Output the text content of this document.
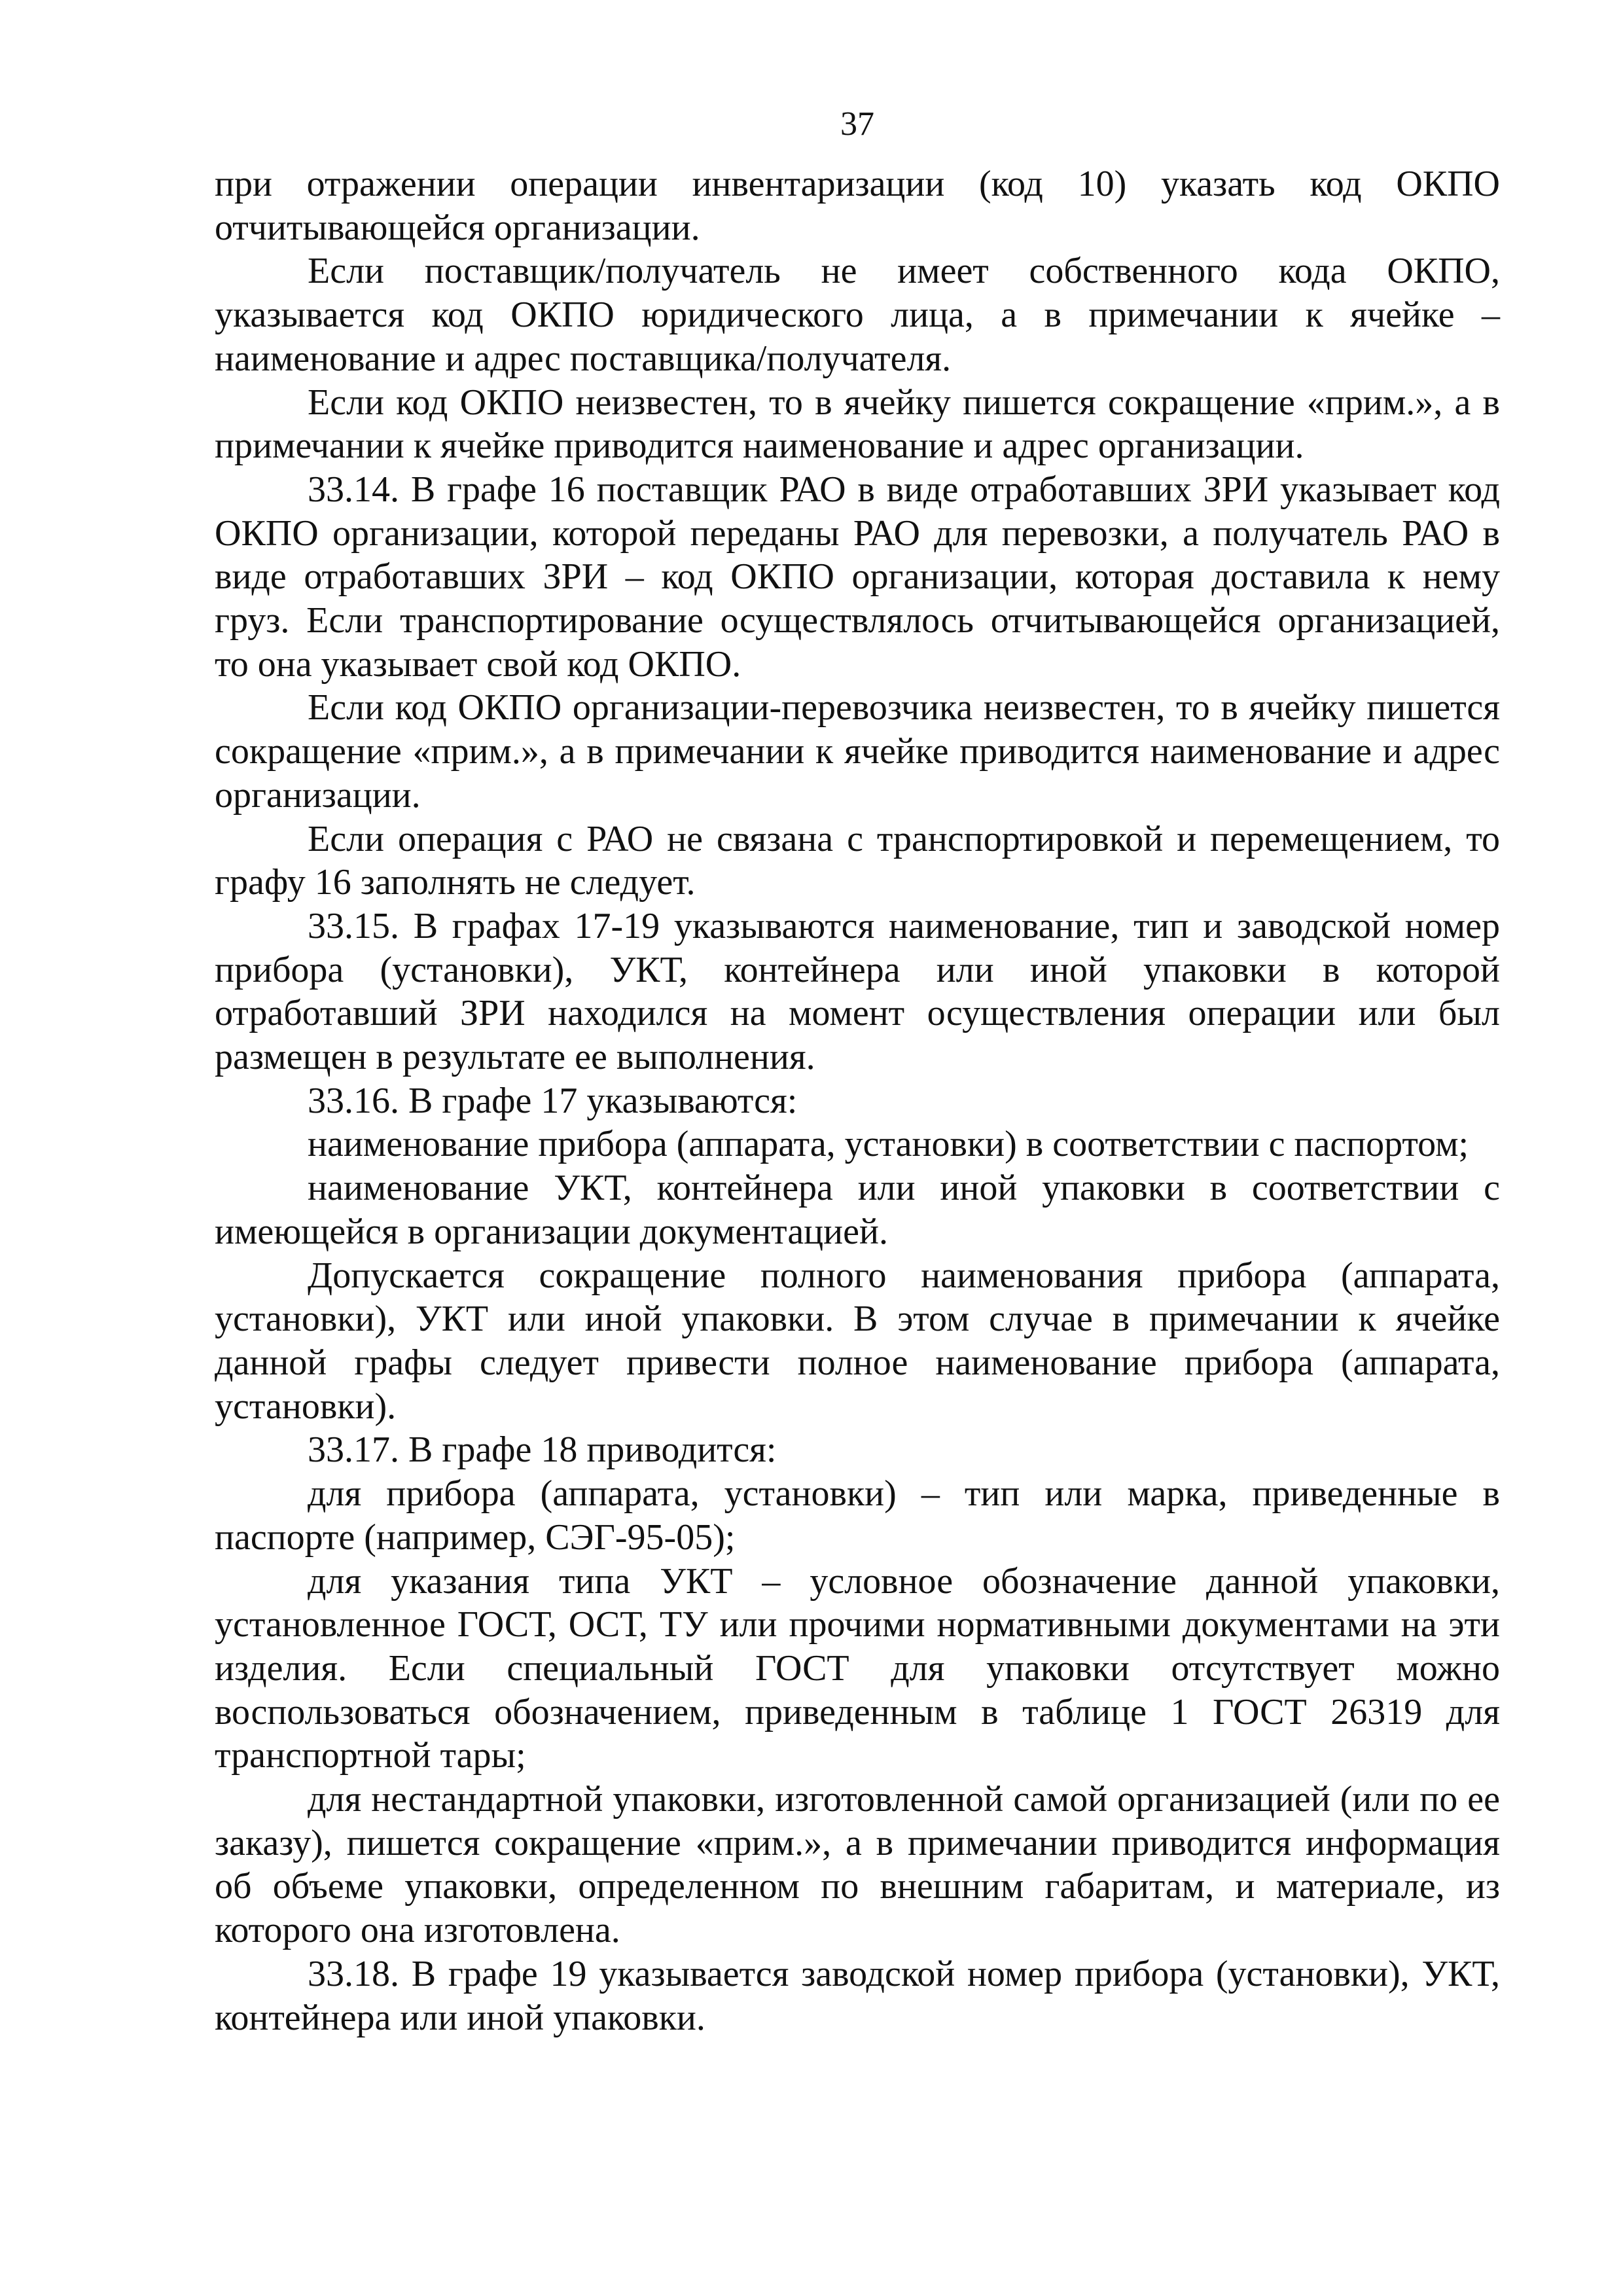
37

при отражении операции инвентаризации (код 10) указать код ОКПО отчитывающейся организации.

Если поставщик/получатель не имеет собственного кода ОКПО, указывается код ОКПО юридического лица, а в примечании к ячейке – наименование и адрес поставщика/получателя.

Если код ОКПО неизвестен, то в ячейку пишется сокращение «прим.», а в примечании к ячейке приводится наименование и адрес организации.

33.14. В графе 16 поставщик РАО в виде отработавших ЗРИ указывает код ОКПО организации, которой переданы РАО для перевозки, а получатель РАО в виде отработавших ЗРИ – код ОКПО организации, которая доставила к нему груз. Если транспортирование осуществлялось отчитывающейся организацией, то она указывает свой код ОКПО.

Если код ОКПО организации-перевозчика неизвестен, то в ячейку пишется сокращение «прим.», а в примечании к ячейке приводится наименование и адрес организации.

Если операция с РАО не связана с транспортировкой и перемещением, то графу 16 заполнять не следует.

33.15. В графах 17-19 указываются наименование, тип и заводской номер прибора (установки), УКТ, контейнера или иной упаковки в которой отработавший ЗРИ находился на момент осуществления операции или был размещен в результате ее выполнения.

33.16. В графе 17 указываются:

наименование прибора (аппарата, установки) в соответствии с паспортом;

наименование УКТ, контейнера или иной упаковки в соответствии с имеющейся в организации документацией.

Допускается сокращение полного наименования прибора (аппарата, установки), УКТ или иной упаковки. В этом случае в примечании к ячейке данной графы следует привести полное наименование прибора (аппарата, установки).

33.17. В графе 18 приводится:

для прибора (аппарата, установки) – тип или марка, приведенные в паспорте (например, СЭГ-95-05);

для указания типа УКТ – условное обозначение данной упаковки, установленное ГОСТ, ОСТ, ТУ или прочими нормативными документами на эти изделия. Если специальный ГОСТ для упаковки отсутствует можно воспользоваться обозначением, приведенным в таблице 1 ГОСТ 26319 для транспортной тары;

для нестандартной упаковки, изготовленной самой организацией (или по ее заказу), пишется сокращение «прим.», а в примечании приводится информация об объеме упаковки, определенном по внешним габаритам, и материале, из которого она изготовлена.

33.18. В графе 19 указывается заводской номер прибора (установки), УКТ, контейнера или иной упаковки.
